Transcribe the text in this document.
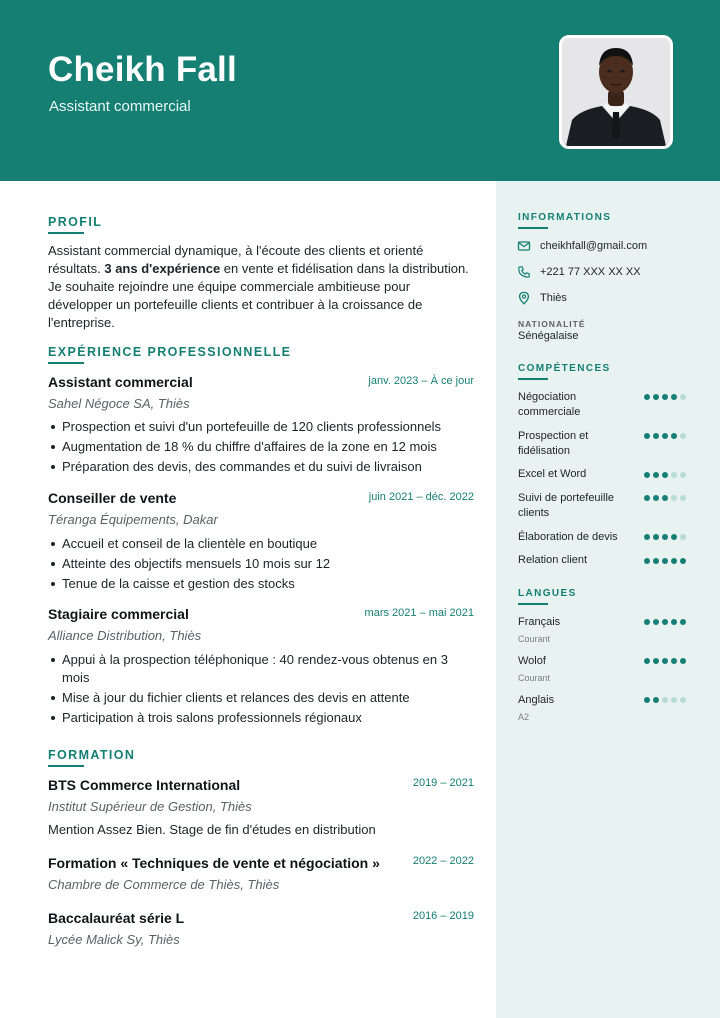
Cheikh Fall
Assistant commercial
PROFIL
Assistant commercial dynamique, à l'écoute des clients et orienté résultats. 3 ans d'expérience en vente et fidélisation dans la distribution. Je souhaite rejoindre une équipe commerciale ambitieuse pour développer un portefeuille clients et contribuer à la croissance de l'entreprise.
EXPÉRIENCE PROFESSIONNELLE
Assistant commercial	janv. 2023 – À ce jour
Sahel Négoce SA, Thiès
Prospection et suivi d'un portefeuille de 120 clients professionnels
Augmentation de 18 % du chiffre d'affaires de la zone en 12 mois
Préparation des devis, des commandes et du suivi de livraison
Conseiller de vente	juin 2021 – déc. 2022
Téranga Équipements, Dakar
Accueil et conseil de la clientèle en boutique
Atteinte des objectifs mensuels 10 mois sur 12
Tenue de la caisse et gestion des stocks
Stagiaire commercial	mars 2021 – mai 2021
Alliance Distribution, Thiès
Appui à la prospection téléphonique : 40 rendez-vous obtenus en 3 mois
Mise à jour du fichier clients et relances des devis en attente
Participation à trois salons professionnels régionaux
FORMATION
BTS Commerce International	2019 – 2021
Institut Supérieur de Gestion, Thiès
Mention Assez Bien. Stage de fin d'études en distribution
Formation « Techniques de vente et négociation »	2022 – 2022
Chambre de Commerce de Thiès, Thiès
Baccalauréat série L	2016 – 2019
Lycée Malick Sy, Thiès
INFORMATIONS
cheikhfall@gmail.com
+221 77 XXX XX XX
Thiès
NATIONALITÉ
Sénégalaise
COMPÉTENCES
Négociation commerciale
Prospection et fidélisation
Excel et Word
Suivi de portefeuille clients
Élaboration de devis
Relation client
LANGUES
Français
Courant
Wolof
Courant
Anglais
A2
